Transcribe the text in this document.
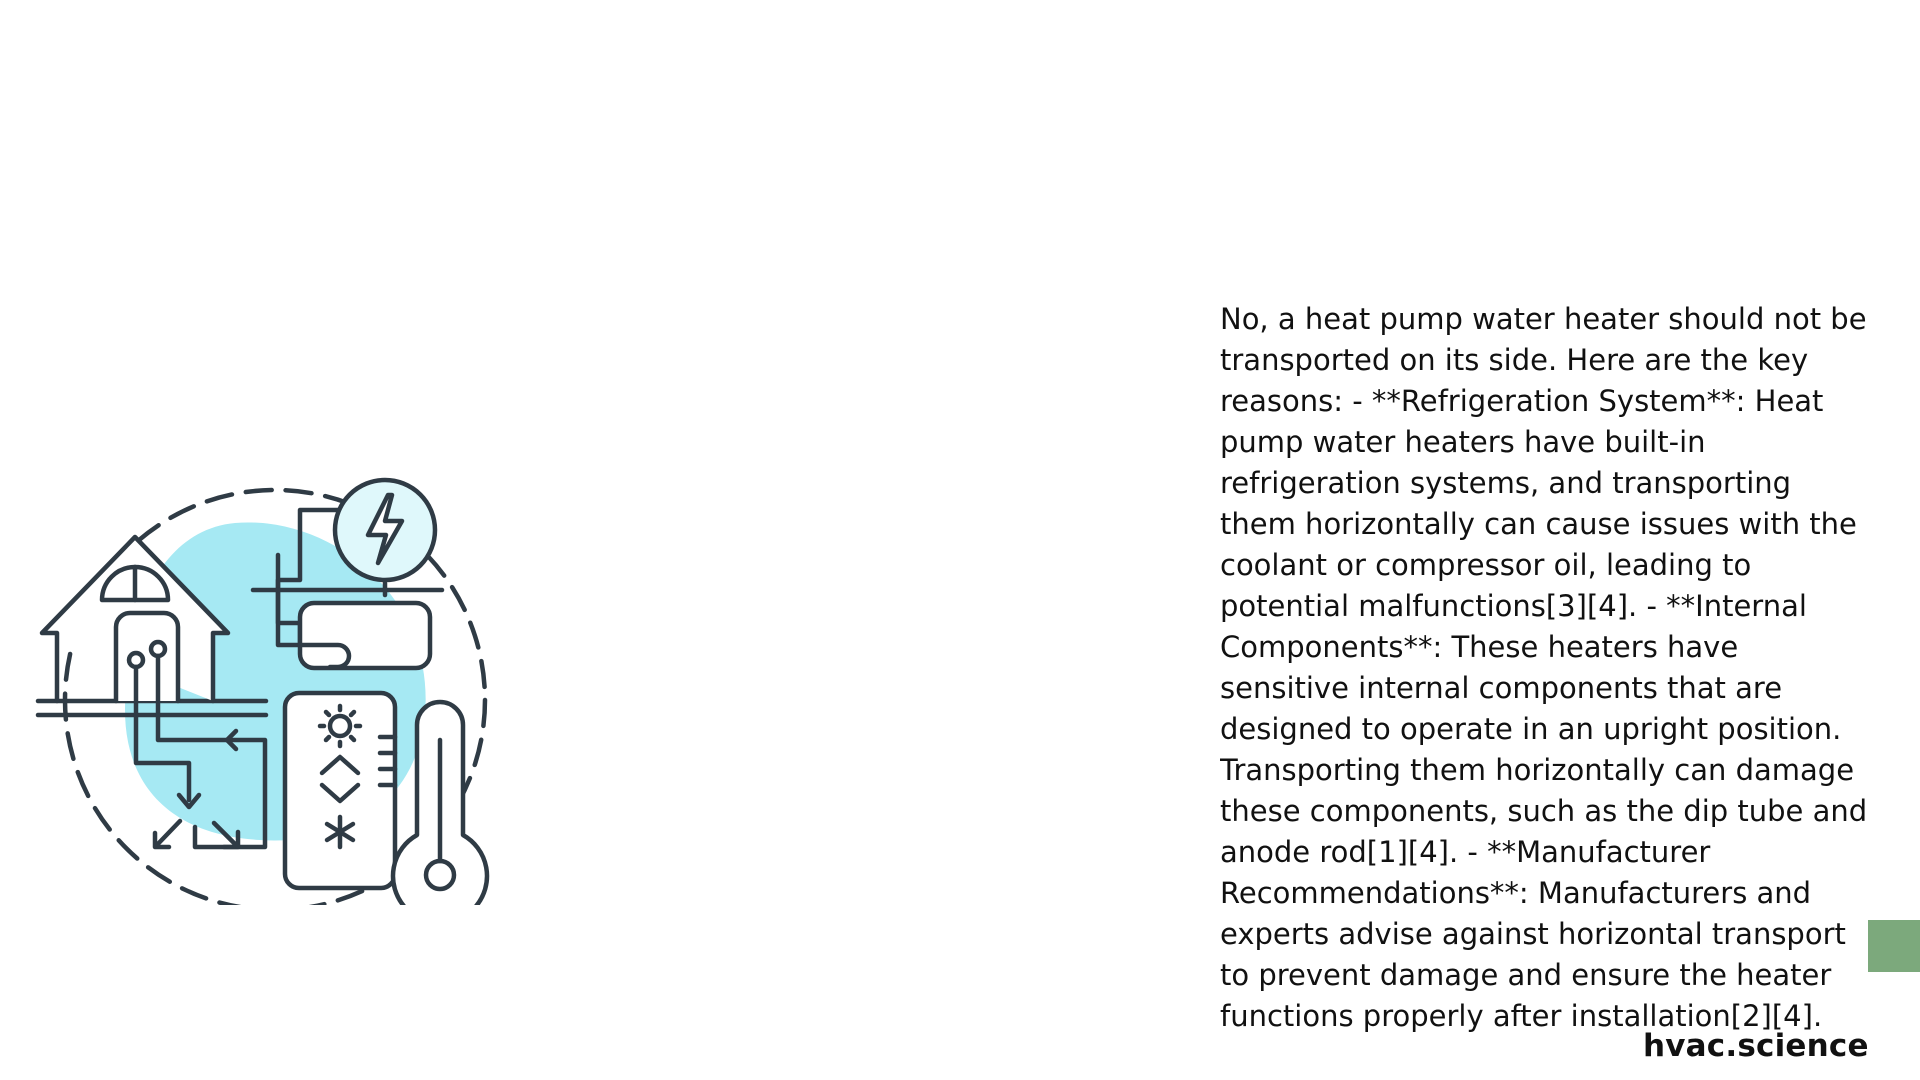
No, a heat pump water heater should not be transported on its side. Here are the key reasons: - **Refrigeration System**: Heat pump water heaters have built-in refrigeration systems, and transporting them horizontally can cause issues with the coolant or compressor oil, leading to potential malfunctions[3][4]. - **Internal Components**: These heaters have sensitive internal components that are designed to operate in an upright position. Transporting them horizontally can damage these components, such as the dip tube and anode rod[1][4]. - **Manufacturer Recommendations**: Manufacturers and experts advise against horizontal transport to prevent damage and ensure the heater functions properly after installation[2][4].

hvac.science
